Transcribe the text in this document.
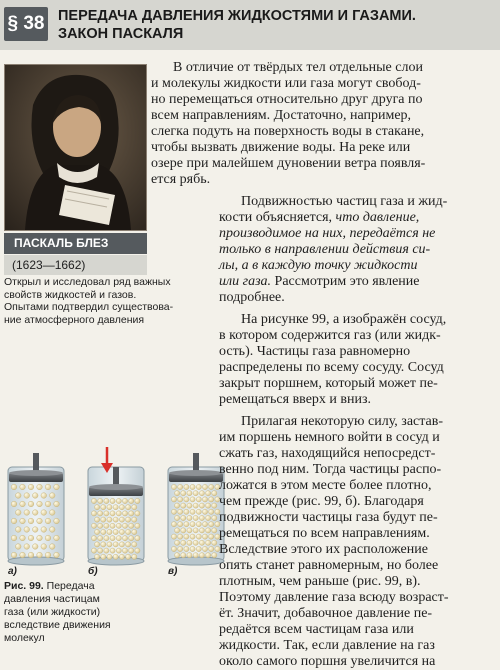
§ 38 ПЕРЕДАЧА ДАВЛЕНИЯ ЖИДКОСТЯМИ И ГАЗАМИ.
ЗАКОН ПАСКАЛЯ
ПАСКАЛЬ БЛЕЗ
(1623—1662)
Открыл и исследовал ряд важных
свойств жидкостей и газов.
Опытами подтвердил существова-
ние атмосферного давления
а)	б)	в)
Рис. 99. Передача
давления частицам
газа (или жидкости)
вследствие движения
молекул
В отличие от твёрдых тел отдельные слои
и молекулы жидкости или газа могут свобод-
но перемещаться относительно друг друга по
всем направлениям. Достаточно, например,
слегка подуть на поверхность воды в стакане,
чтобы вызвать движение воды. На реке или
озере при малейшем дуновении ветра появля-
ется рябь.
Подвижностью частиц газа и жид-
кости объясняется, что давление,
производимое на них, передаётся не
только в направлении действия си-
лы, а в каждую точку жидкости
или газа. Рассмотрим это явление
подробнее.
На рисунке 99, а изображён сосуд,
в котором содержится газ (или жидк-
ость). Частицы газа равномерно
распределены по всему сосуду. Сосуд
закрыт поршнем, который может пе-
ремещаться вверх и вниз.
Прилагая некоторую силу, застав-
им поршень немного войти в сосуд и
сжать газ, находящийся непосредст-
венно под ним. Тогда частицы распо-
ложатся в этом месте более плотно,
чем прежде (рис. 99, б). Благодаря
подвижности частицы газа будут пе-
ремещаться по всем направлениям.
Вследствие этого их расположение
опять станет равномерным, но более
плотным, чем раньше (рис. 99, в).
Поэтому давление газа всюду возраст-
ёт. Значит, добавочное давление пе-
редаётся всем частицам газа или
жидкости. Так, если давление на газ
около самого поршня увеличится на
